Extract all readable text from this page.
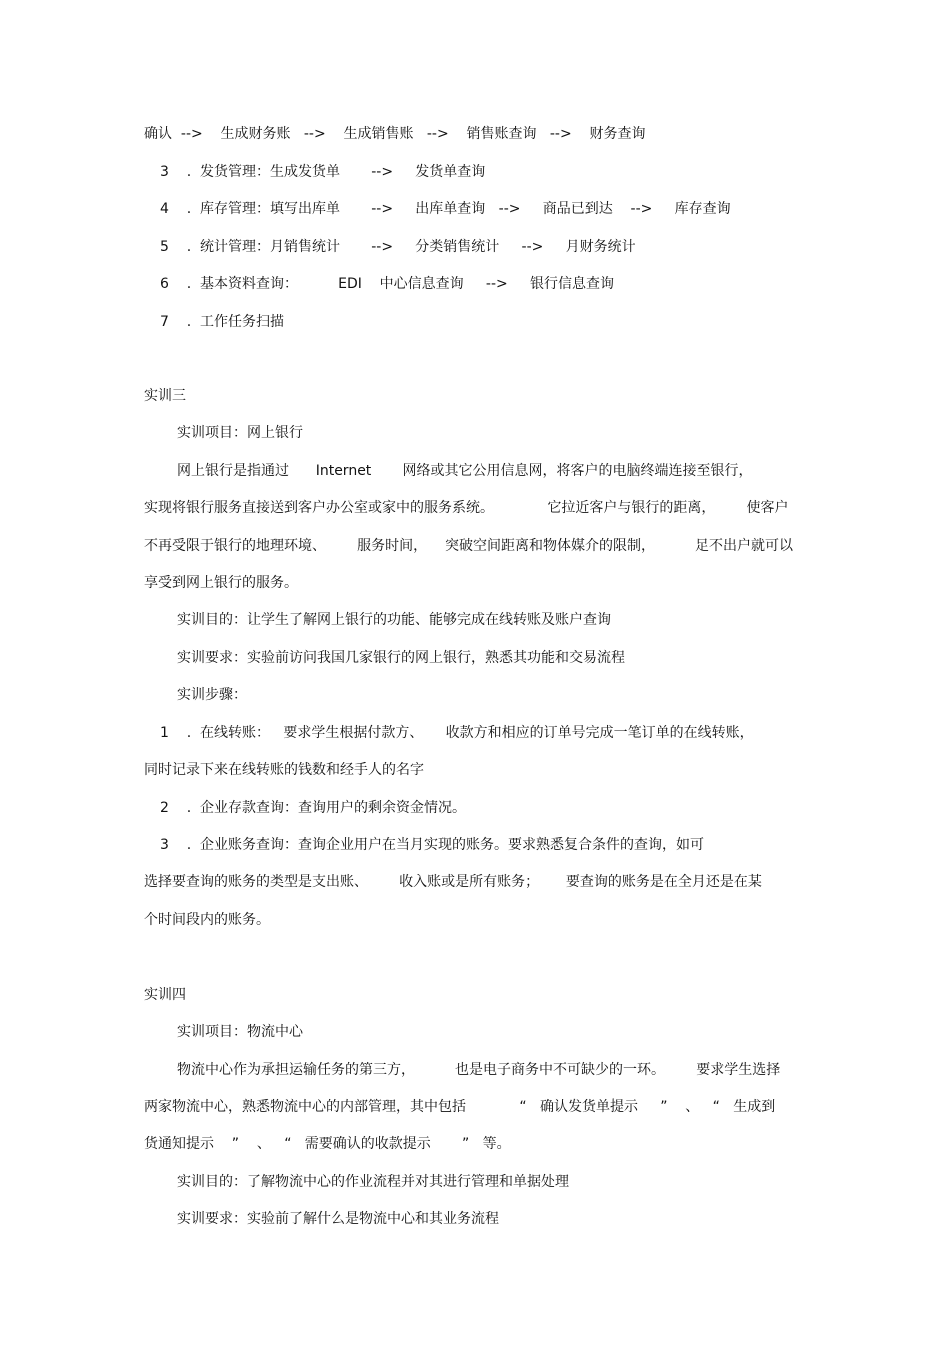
确认  -->    生成财务账   -->    生成销售账   -->    销售账查询   -->    财务查询
3    .  发货管理：生成发货单       -->     发货单查询
4    .  库存管理：填写出库单       -->     出库单查询   -->     商品已到达    -->     库存查询
5    .  统计管理：月销售统计       -->     分类销售统计     -->     月财务统计
6    .  基本资料查询：         EDI    中心信息查询     -->     银行信息查询
7    .  工作任务扫描
实训三
实训项目：网上银行
网上银行是指通过      Internet       网络或其它公用信息网，将客户的电脑终端连接至银行，
实现将银行服务直接送到客户办公室或家中的服务系统。            它拉近客户与银行的距离，       使客户
不再受限于银行的地理环境、       服务时间，    突破空间距离和物体媒介的限制，         足不出户就可以
享受到网上银行的服务。
实训目的：让学生了解网上银行的功能、能够完成在线转账及账户查询
实训要求：实验前访问我国几家银行的网上银行，熟悉其功能和交易流程
实训步骤：
1    .  在线转账：   要求学生根据付款方、     收款方和相应的订单号完成一笔订单的在线转账，
同时记录下来在线转账的钱数和经手人的名字
2    .  企业存款查询：查询用户的剩余资金情况。
3    .  企业账务查询：查询企业用户在当月实现的账务。要求熟悉复合条件的查询，如可
选择要查询的账务的类型是支出账、       收入账或是所有账务；      要查询的账务是在全月还是在某
个时间段内的账务。
实训四
实训项目：物流中心
物流中心作为承担运输任务的第三方，         也是电子商务中不可缺少的一环。       要求学生选择
两家物流中心，熟悉物流中心的内部管理，其中包括            “   确认发货单提示     ”    、   “   生成到
货通知提示    ”    、   “   需要确认的收款提示       ”   等。
实训目的：了解物流中心的作业流程并对其进行管理和单据处理
实训要求：实验前了解什么是物流中心和其业务流程
